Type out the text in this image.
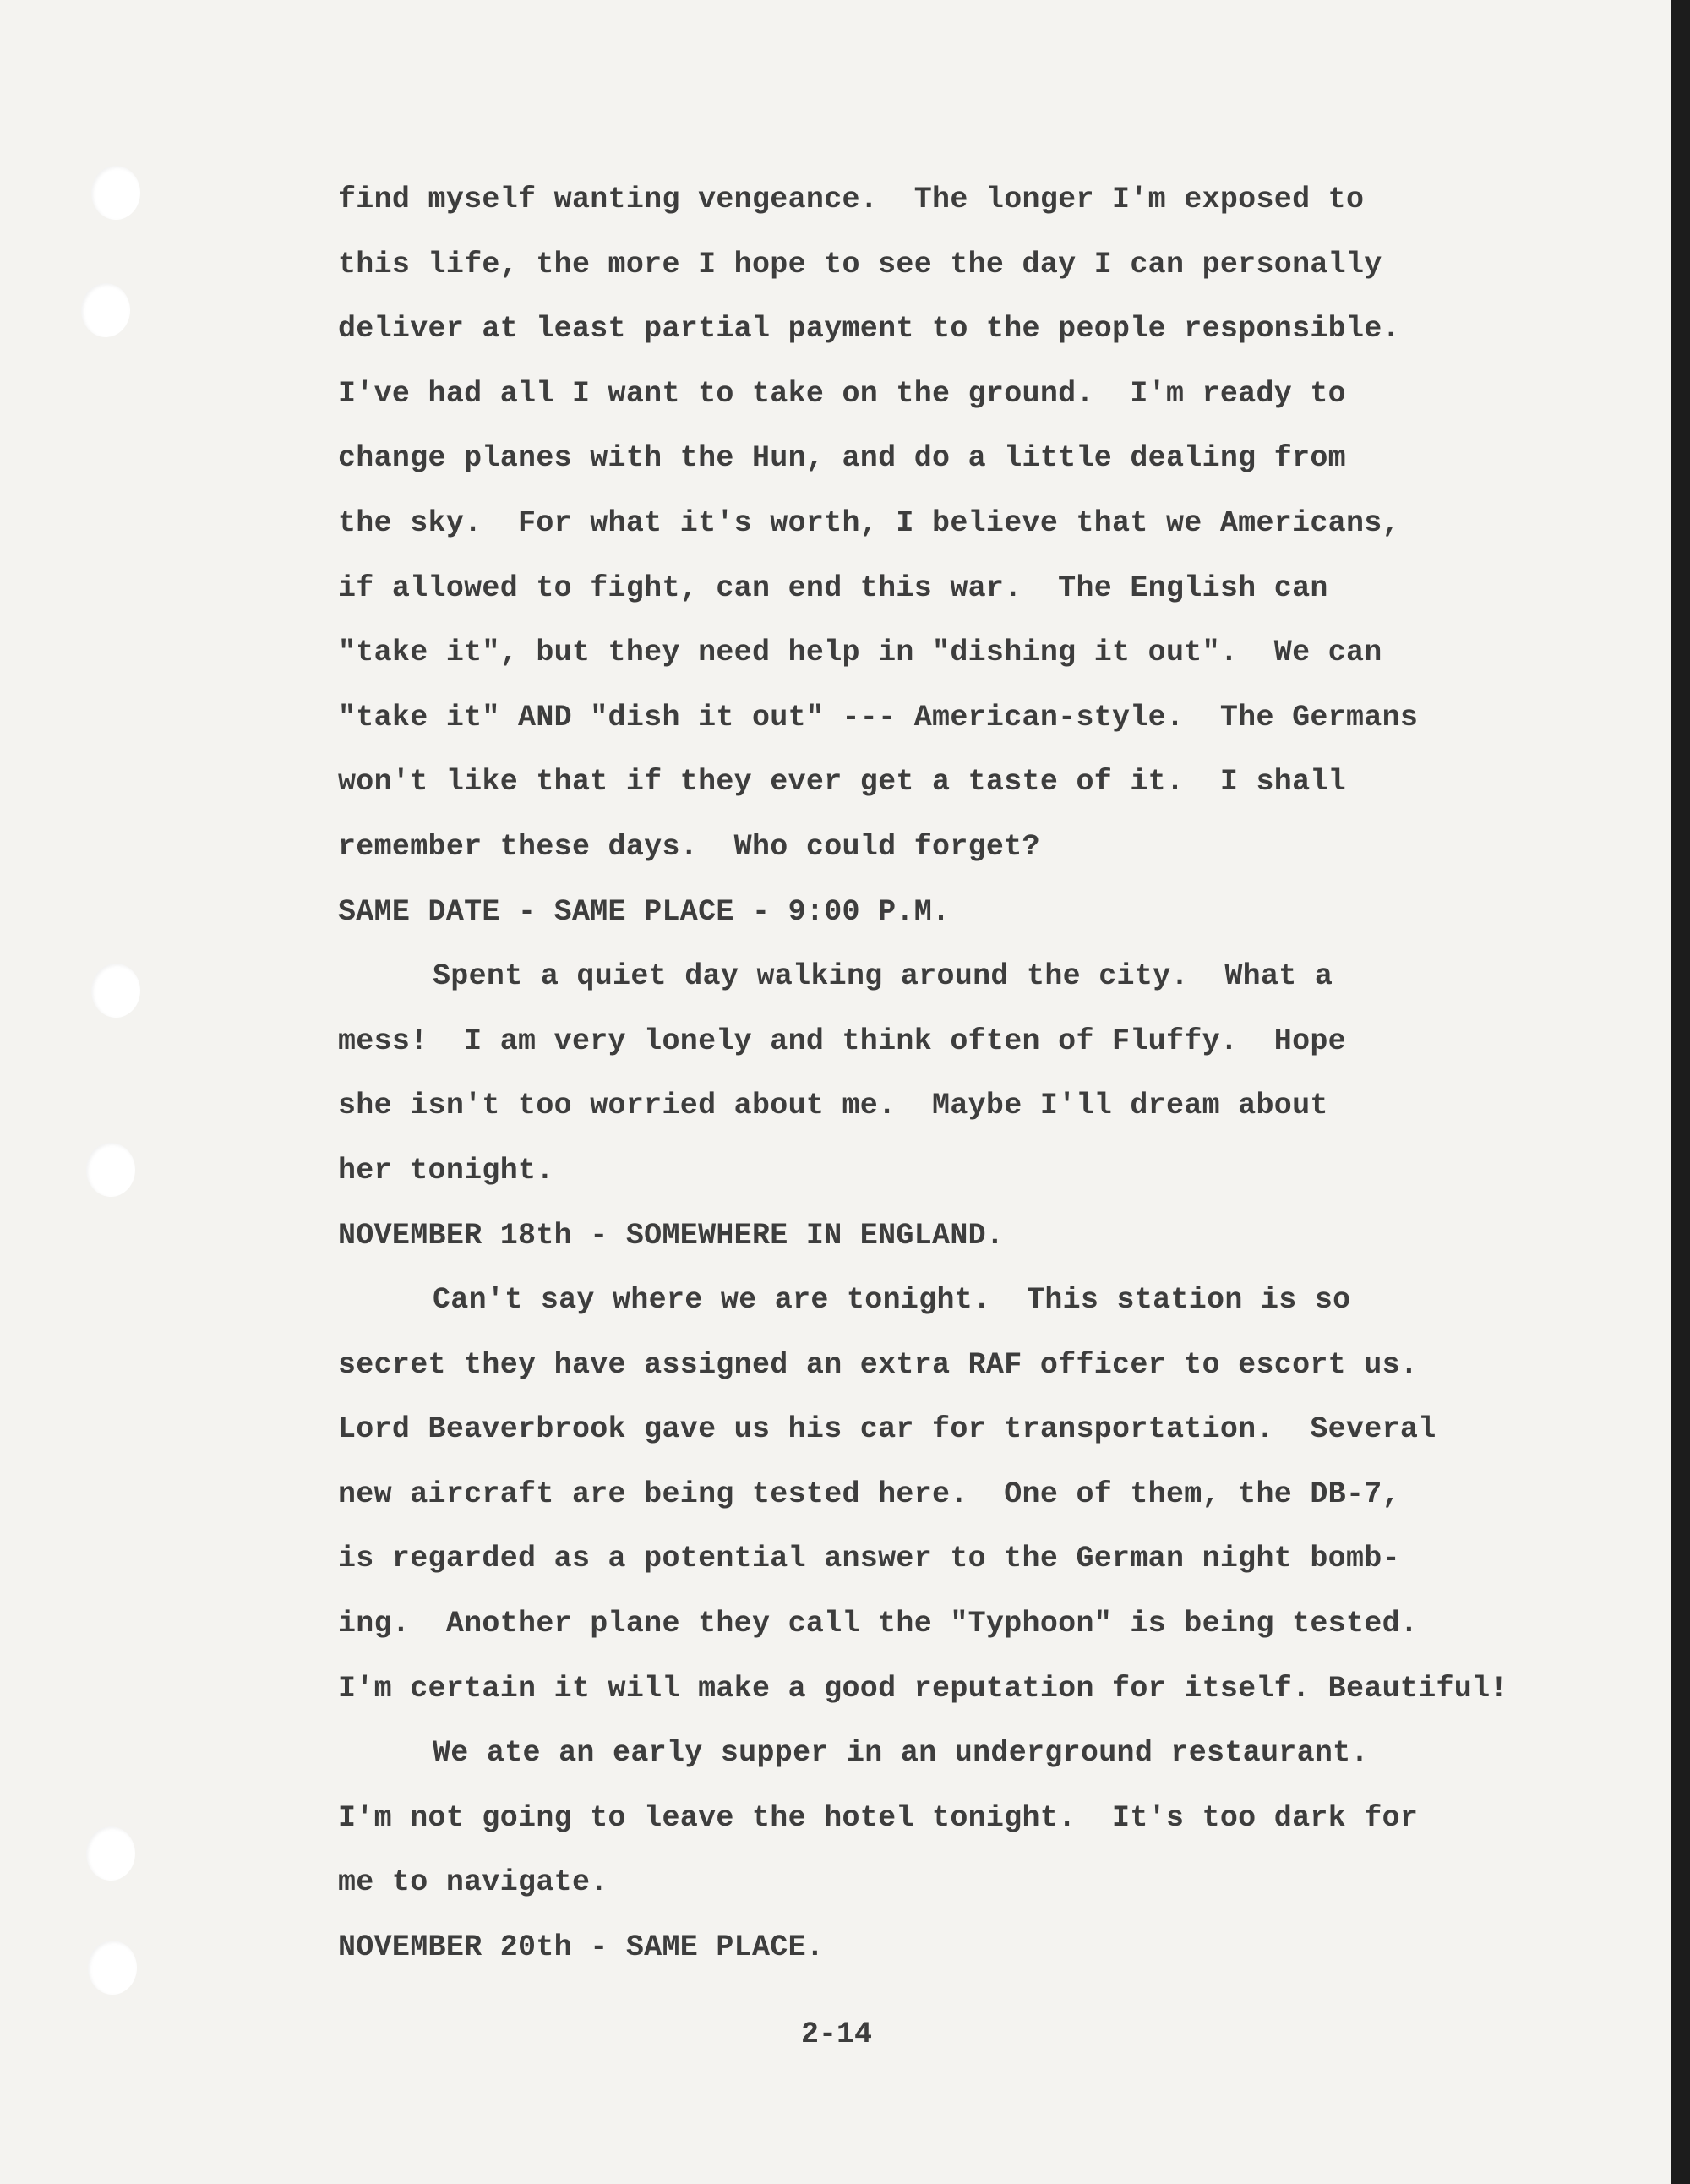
find myself wanting vengeance.  The longer I'm exposed to
this life, the more I hope to see the day I can personally
deliver at least partial payment to the people responsible.
I've had all I want to take on the ground.  I'm ready to
change planes with the Hun, and do a little dealing from
the sky.  For what it's worth, I believe that we Americans,
if allowed to fight, can end this war.  The English can
"take it", but they need help in "dishing it out".  We can
"take it" AND "dish it out" --- American-style.  The Germans
won't like that if they ever get a taste of it.  I shall
remember these days.  Who could forget?
SAME DATE - SAME PLACE - 9:00 P.M.
Spent a quiet day walking around the city.  What a
mess!  I am very lonely and think often of Fluffy.  Hope
she isn't too worried about me.  Maybe I'll dream about
her tonight.
NOVEMBER 18th - SOMEWHERE IN ENGLAND.
Can't say where we are tonight.  This station is so
secret they have assigned an extra RAF officer to escort us.
Lord Beaverbrook gave us his car for transportation.  Several
new aircraft are being tested here.  One of them, the DB-7,
is regarded as a potential answer to the German night bomb-
ing.  Another plane they call the "Typhoon" is being tested.
I'm certain it will make a good reputation for itself. Beautiful!
We ate an early supper in an underground restaurant.
I'm not going to leave the hotel tonight.  It's too dark for
me to navigate.
NOVEMBER 20th - SAME PLACE.
2-14
